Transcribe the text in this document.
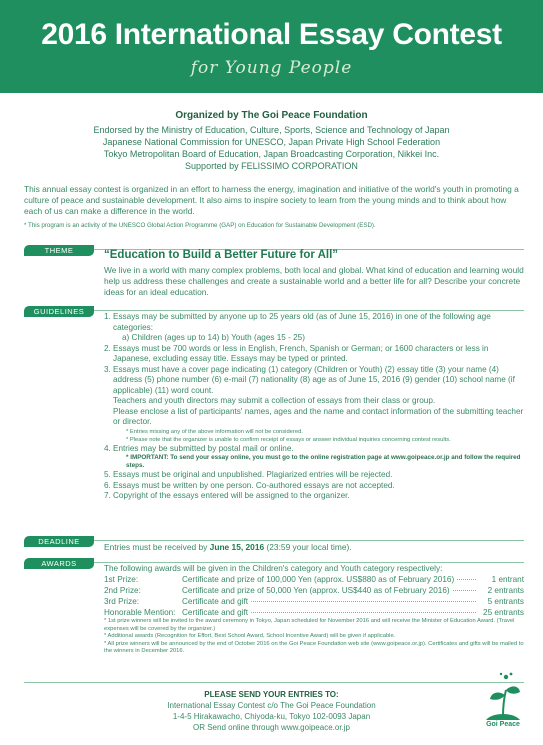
2016 International Essay Contest
for Young People
Organized by The Goi Peace Foundation
Endorsed by the Ministry of Education, Culture, Sports, Science and Technology of Japan
Japanese National Commission for UNESCO, Japan Private High School Federation
Tokyo Metropolitan Board of Education, Japan Broadcasting Corporation, Nikkei Inc.
Supported by FELISSIMO CORPORATION
This annual essay contest is organized in an effort to harness the energy, imagination and initiative of the world's youth in promoting a culture of peace and sustainable development. It also aims to inspire society to learn from the young minds and to think about how each of us can make a difference in the world.
* This program is an activity of the UNESCO Global Action Programme (GAP) on Education for Sustainable Development (ESD).
THEME	“Education to Build a Better Future for All”
We live in a world with many complex problems, both local and global. What kind of education and learning would help us address these challenges and create a sustainable world and a better life for all? Describe your concrete ideas for an ideal education.
GUIDELINES
1. Essays may be submitted by anyone up to 25 years old (as of June 15, 2016) in one of the following age categories:
a) Children (ages up to 14) b) Youth (ages 15 - 25)
2. Essays must be 700 words or less in English, French, Spanish or German; or 1600 characters or less in Japanese, excluding essay title. Essays may be typed or printed.
3. Essays must have a cover page indicating (1) category (Children or Youth) (2) essay title (3) your name (4) address (5) phone number (6) e-mail (7) nationality (8) age as of June 15, 2016 (9) gender (10) school name (if applicable) (11) word count.
Teachers and youth directors may submit a collection of essays from their class or group.
Please enclose a list of participants' names, ages and the name and contact information of the submitting teacher or director.
* Entries missing any of the above information will not be considered.
* Please note that the organizer is unable to confirm receipt of essays or answer individual inquiries concerning contest results.
4. Entries may be submitted by postal mail or online.
* IMPORTANT: To send your essay online, you must go to the online registration page at www.goipeace.or.jp and follow the required steps.
5. Essays must be original and unpublished. Plagiarized entries will be rejected.
6. Essays must be written by one person. Co-authored essays are not accepted.
7. Copyright of the essays entered will be assigned to the organizer.
DEADLINE
Entries must be received by June 15, 2016 (23:59 your local time).
AWARDS
The following awards will be given in the Children's category and Youth category respectively:
1st Prize:	Certificate and prize of 100,000 Yen (approx. US$880 as of February 2016)	1 entrant
2nd Prize:	Certificate and prize of 50,000 Yen (approx. US$440 as of February 2016)	2 entrants
3rd Prize:	Certificate and gift	5 entrants
Honorable Mention: Certificate and gift	25 entrants
* 1st prize winners will be invited to the award ceremony in Tokyo, Japan scheduled for November 2016 and will receive the Minister of Education Award. (Travel expenses will be covered by the organizer.)
* Additional awards (Recognition for Effort, Best School Award, School Incentive Award) will be given if applicable.
* All prize winners will be announced by the end of October 2016 on the Goi Peace Foundation web site (www.goipeace.or.jp). Certificates and gifts will be mailed to the winners in December 2016.
PLEASE SEND YOUR ENTRIES TO:
International Essay Contest c/o The Goi Peace Foundation
1-4-5 Hirakawacho, Chiyoda-ku, Tokyo 102-0093 Japan
OR Send online through www.goipeace.or.jp	Goi Peace
